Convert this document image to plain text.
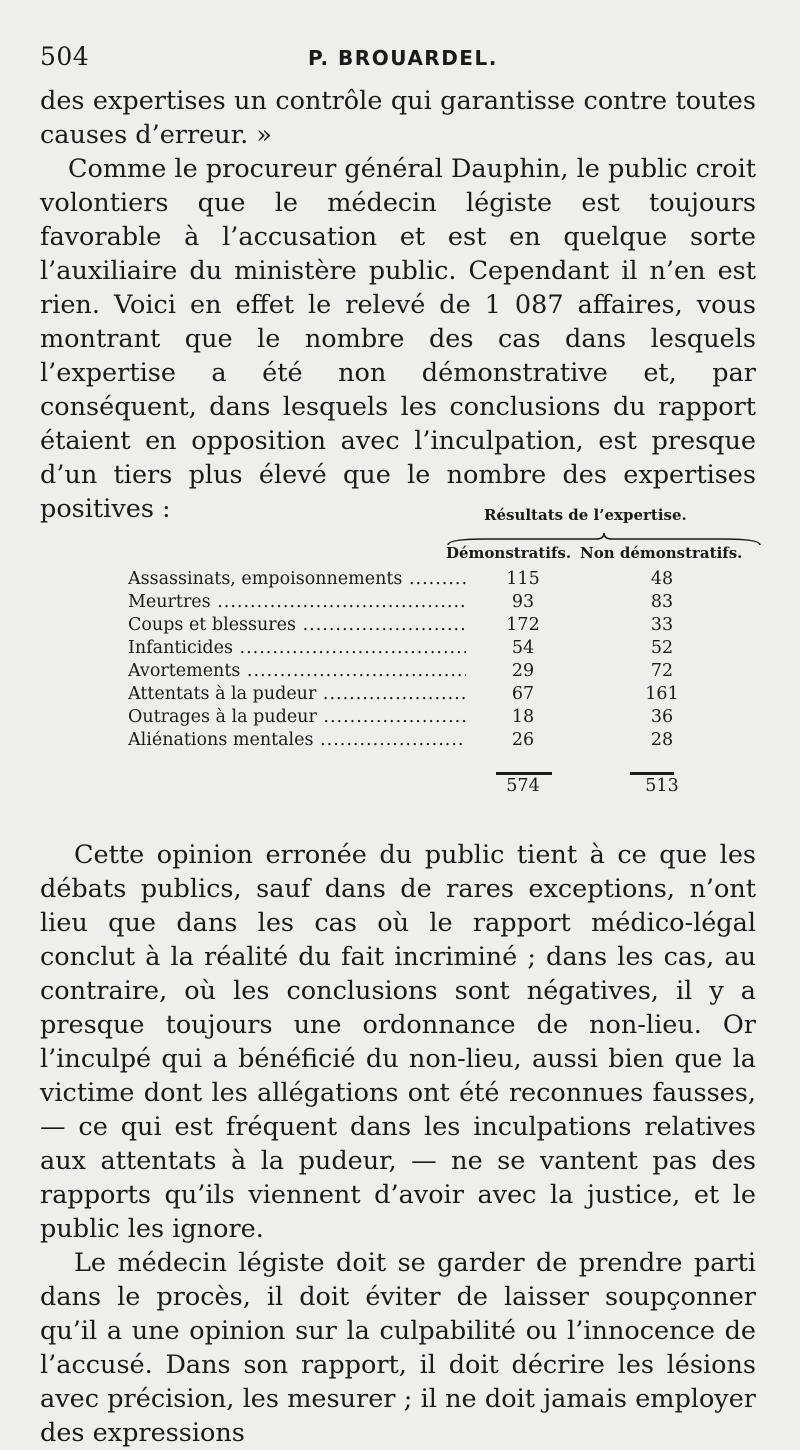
504	P. BROUARDEL.

des expertises un contrôle qui garantisse contre toutes causes d’erreur. »

Comme le procureur général Dauphin, le public croit volontiers que le médecin légiste est toujours favorable à l’accusation et est en quelque sorte l’auxiliaire du ministère public. Cependant il n’en est rien. Voici en effet le relevé de 1 087 affaires, vous montrant que le nombre des cas dans lesquels l’expertise a été non démonstrative et, par conséquent, dans lesquels les conclusions du rapport étaient en opposition avec l’inculpation, est presque d’un tiers plus élevé que le nombre des expertises positives :	Résultats de l’expertise.
Démonstratifs. Non démonstratifs.
Assassinats, empoisonnements .....	115	48
Meurtres .....	93	83
Coups et blessures .....	172	33
Infanticides .....	54	52
Avortements .....	29	72
Attentats à la pudeur .....	67	161
Outrages à la pudeur .....	18	36
Aliénations mentales .....	26	28
574	513

Cette opinion erronée du public tient à ce que les débats publics, sauf dans de rares exceptions, n’ont lieu que dans les cas où le rapport médico-légal conclut à la réalité du fait incriminé ; dans les cas, au contraire, où les conclusions sont négatives, il y a presque toujours une ordonnance de non-lieu. Or l’inculpé qui a bénéficié du non-lieu, aussi bien que la victime dont les allégations ont été reconnues fausses, — ce qui est fréquent dans les inculpations relatives aux attentats à la pudeur, — ne se vantent pas des rapports qu’ils viennent d’avoir avec la justice, et le public les ignore.

Le médecin légiste doit se garder de prendre parti dans le procès, il doit éviter de laisser soupçonner qu’il a une opinion sur la culpabilité ou l’innocence de l’accusé. Dans son rapport, il doit décrire les lésions avec précision, les mesurer ; il ne doit jamais employer des expressions
